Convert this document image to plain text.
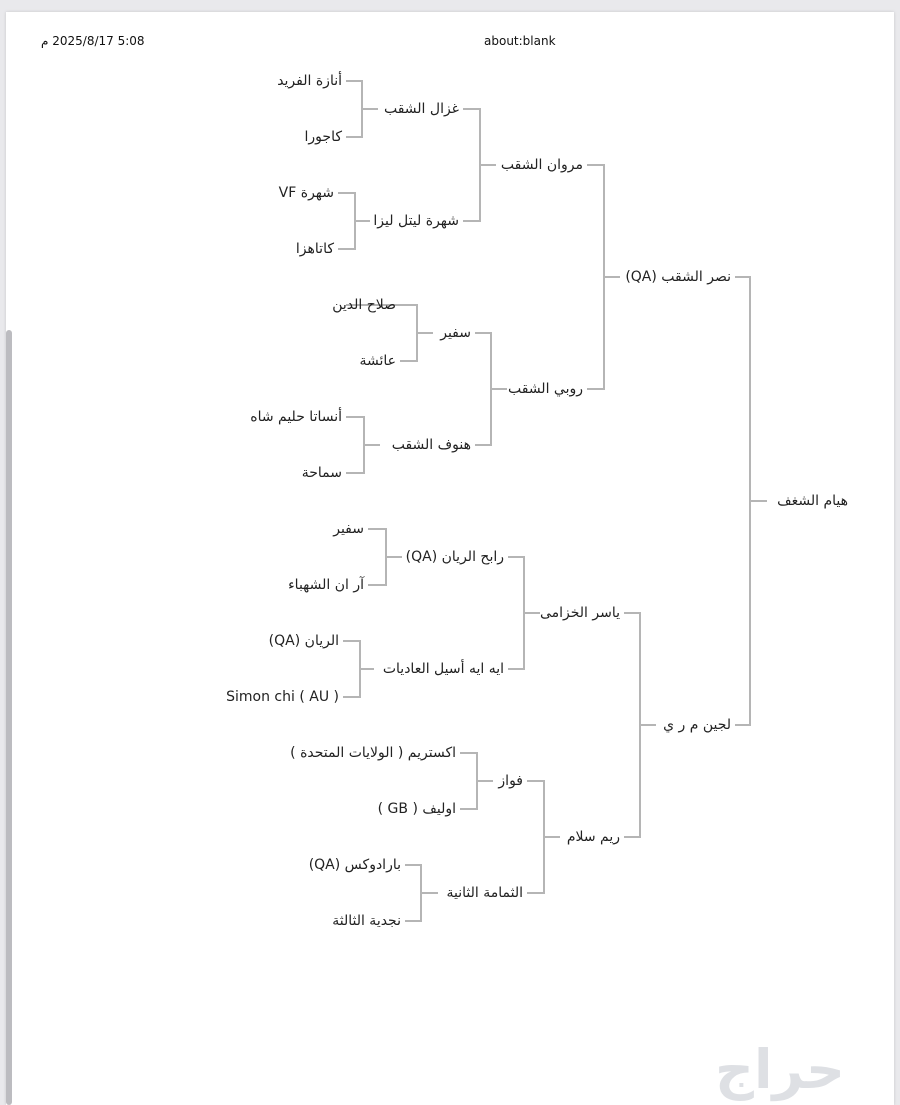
5:08 2025/8/17 م	about:blank
أنازة الفريد
كاجورا
شهرة VF
كاتاهزا
صلاح الدين
عائشة
أنساتا حليم شاه
سماحة
سفير
آر ان الشهباء
الريان (QA)
Simon chi ( AU )
اكستريم ( الولايات المتحدة )
اوليف ( GB )
بارادوكس (QA)
نجدية الثالثة
غزال الشقب
شهرة ليتل ليزا
سفير
هنوف الشقب
رابح الريان (QA)
ايه ايه أسيل العاديات
فواز
الثمامة الثانية
مروان الشقب
روبي الشقب
ياسر الخزامى
ريم سلام
نصر الشقب (QA)
لجين م ر ي
هيام الشغف
حراج
